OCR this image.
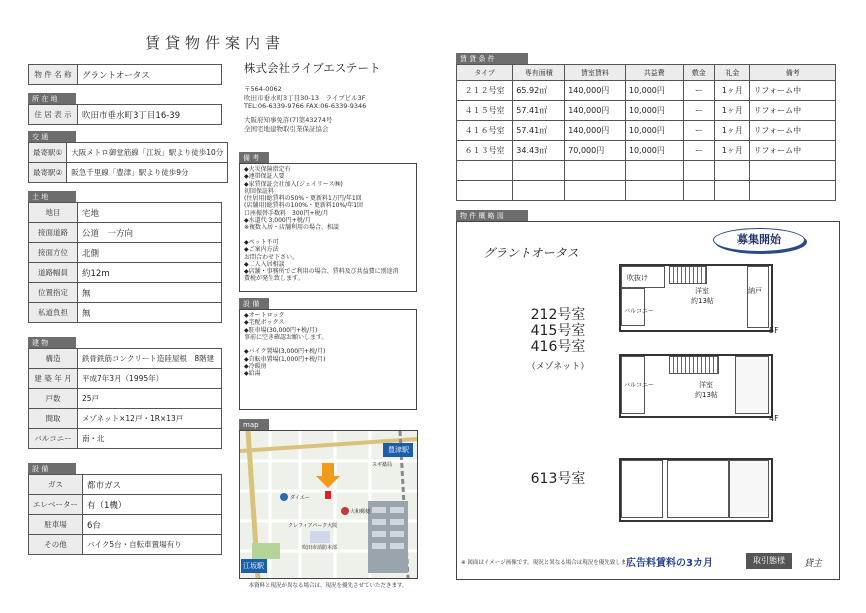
賃貸物件案内書
物 件 名 称	グラントオータス
所 在 地
住 居 表 示	吹田市垂水町3丁目16-39
交 通
最寄駅①	大阪メトロ御堂筋線「江坂」駅より徒歩10分
最寄駅②	阪急千里線「豊津」駅より徒歩9分
土 地
地目	宅地
接面道路	公道　一方向
接面方位	北側
道路幅員	約12m
位置指定	無
私道負担	無
建 物
構造	鉄骨鉄筋コンクリート造陸屋根　8階建
建 築 年 月	平成7年3月（1995年）
戸数	25戸
間取	メゾネット×12戸・1R×13戸
バルコニー	南・北
設 備
ガス	都市ガス
エレベーター	有（1機）
駐車場	6台
その他	バイク5台・自転車置場有り
株式会社ライブエステート
〒564-0062
吹田市垂水町3丁目30-13　ライブビル3F
TEL:06-6339-9766 FAX:06-6339-9346
大阪府知事免許(7)第43274号
全国宅地建物取引業保証協会
備 考
◆火災保険指定有
◆連帯保証人要
◆家賃保証会社加入(ジェイリース㈱)
初回保証料
(住居用)総賃料の50%・更新料1万円/年1回
(店舗用)総賃料の100%・更新料10%/年1回
口座振替手数料　300円+税/月
◆水道代 3,000円+税/月
※複数入居・店舗利用の場合、相談

◆ペット不可
◆ご案内方法
お問合わせ下さい。
◆二人入居相談
◆店舗・事務所でご利用の場合、賃料及び共益費に別途消
費税が発生致します。
設 備
◆オートロック
◆宅配ボックス
◆駐車場(30,000円+税/月)
事前に空き確認お願いします。

◆バイク置場(3,000円+税/月)
◆自転車置場(1,000円+税/月)
◆冷暖房
◆給湯
map
豊津駅
江坂駅
ダイエー
大和郵便
スギ薬局
クレフィアパーク大阪
吹田市消防本部
本資料と現況が異なる場合は、現況を優先させていただきます。
賃 貸 条 件
タイプ	専有面積	賃室賃料	共益費	敷金	礼金	備考
２１２号室	65.92㎡	140,000円	10,000円	ー	1ヶ月	リフォーム中
４１５号室	57.41㎡	140,000円	10,000円	ー	1ヶ月	リフォーム中
４１６号室	57.41㎡	140,000円	10,000円	ー	1ヶ月	リフォーム中
６１３号室	34.43㎡	70,000円	10,000円	ー	1ヶ月	リフォーム中

物 件 概 略 図
募集開始
グラントオータス
212号室
415号室
416号室
（メゾネット）
613号室
吹抜け
洋室
約13帖
納戸
バルコニー
5F
バルコニー	洋室
約13帖
4F
※ 図面はイメージ画像です。現況と異なる場合は現況を優先致します。
広告料賃料の3カ月	取引態様	貸主
